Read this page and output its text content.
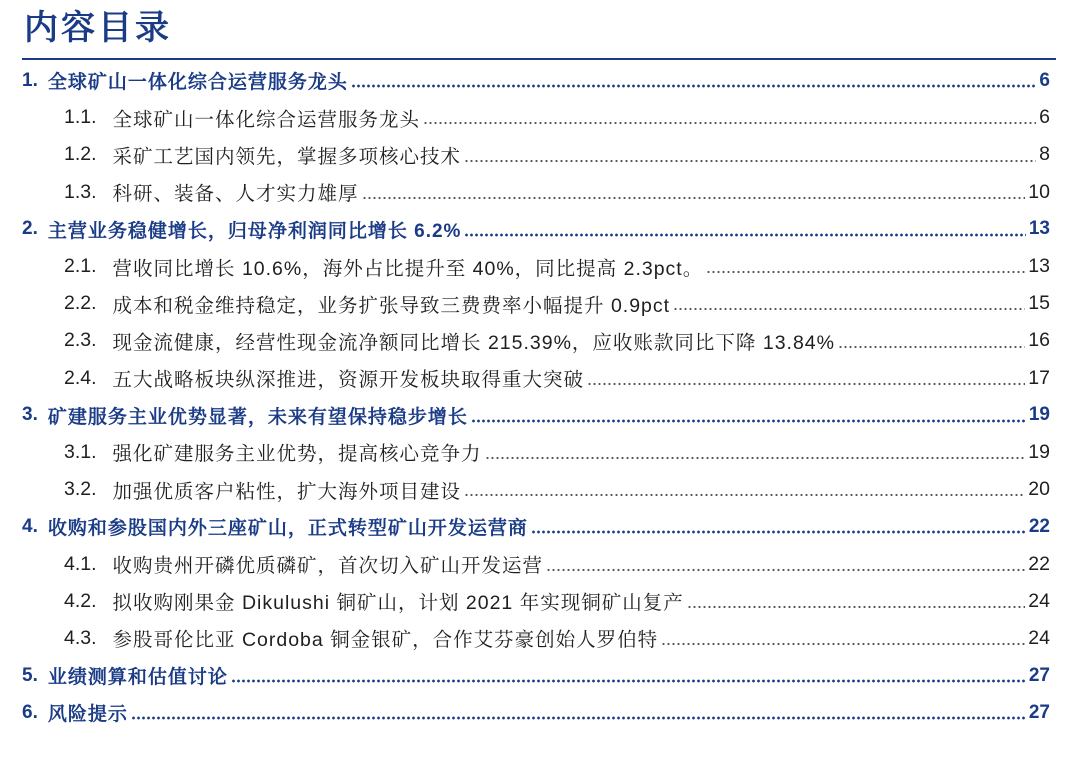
内容目录
1. 全球矿山一体化综合运营服务龙头	6
1.1. 全球矿山一体化综合运营服务龙头	6
1.2. 采矿工艺国内领先，掌握多项核心技术	8
1.3. 科研、装备、人才实力雄厚	10
2. 主营业务稳健增长，归母净利润同比增长 6.2%	13
2.1. 营收同比增长 10.6%，海外占比提升至 40%，同比提高 2.3pct。	13
2.2. 成本和税金维持稳定，业务扩张导致三费费率小幅提升 0.9pct	15
2.3. 现金流健康，经营性现金流净额同比增长 215.39%，应收账款同比下降 13.84%	16
2.4. 五大战略板块纵深推进，资源开发板块取得重大突破	17
3. 矿建服务主业优势显著，未来有望保持稳步增长	19
3.1. 强化矿建服务主业优势，提高核心竞争力	19
3.2. 加强优质客户粘性，扩大海外项目建设	20
4. 收购和参股国内外三座矿山，正式转型矿山开发运营商	22
4.1. 收购贵州开磷优质磷矿，首次切入矿山开发运营	22
4.2. 拟收购刚果金 Dikulushi 铜矿山，计划 2021 年实现铜矿山复产	24
4.3. 参股哥伦比亚 Cordoba 铜金银矿，合作艾芬豪创始人罗伯特	24
5. 业绩测算和估值讨论	27
6. 风险提示	27
